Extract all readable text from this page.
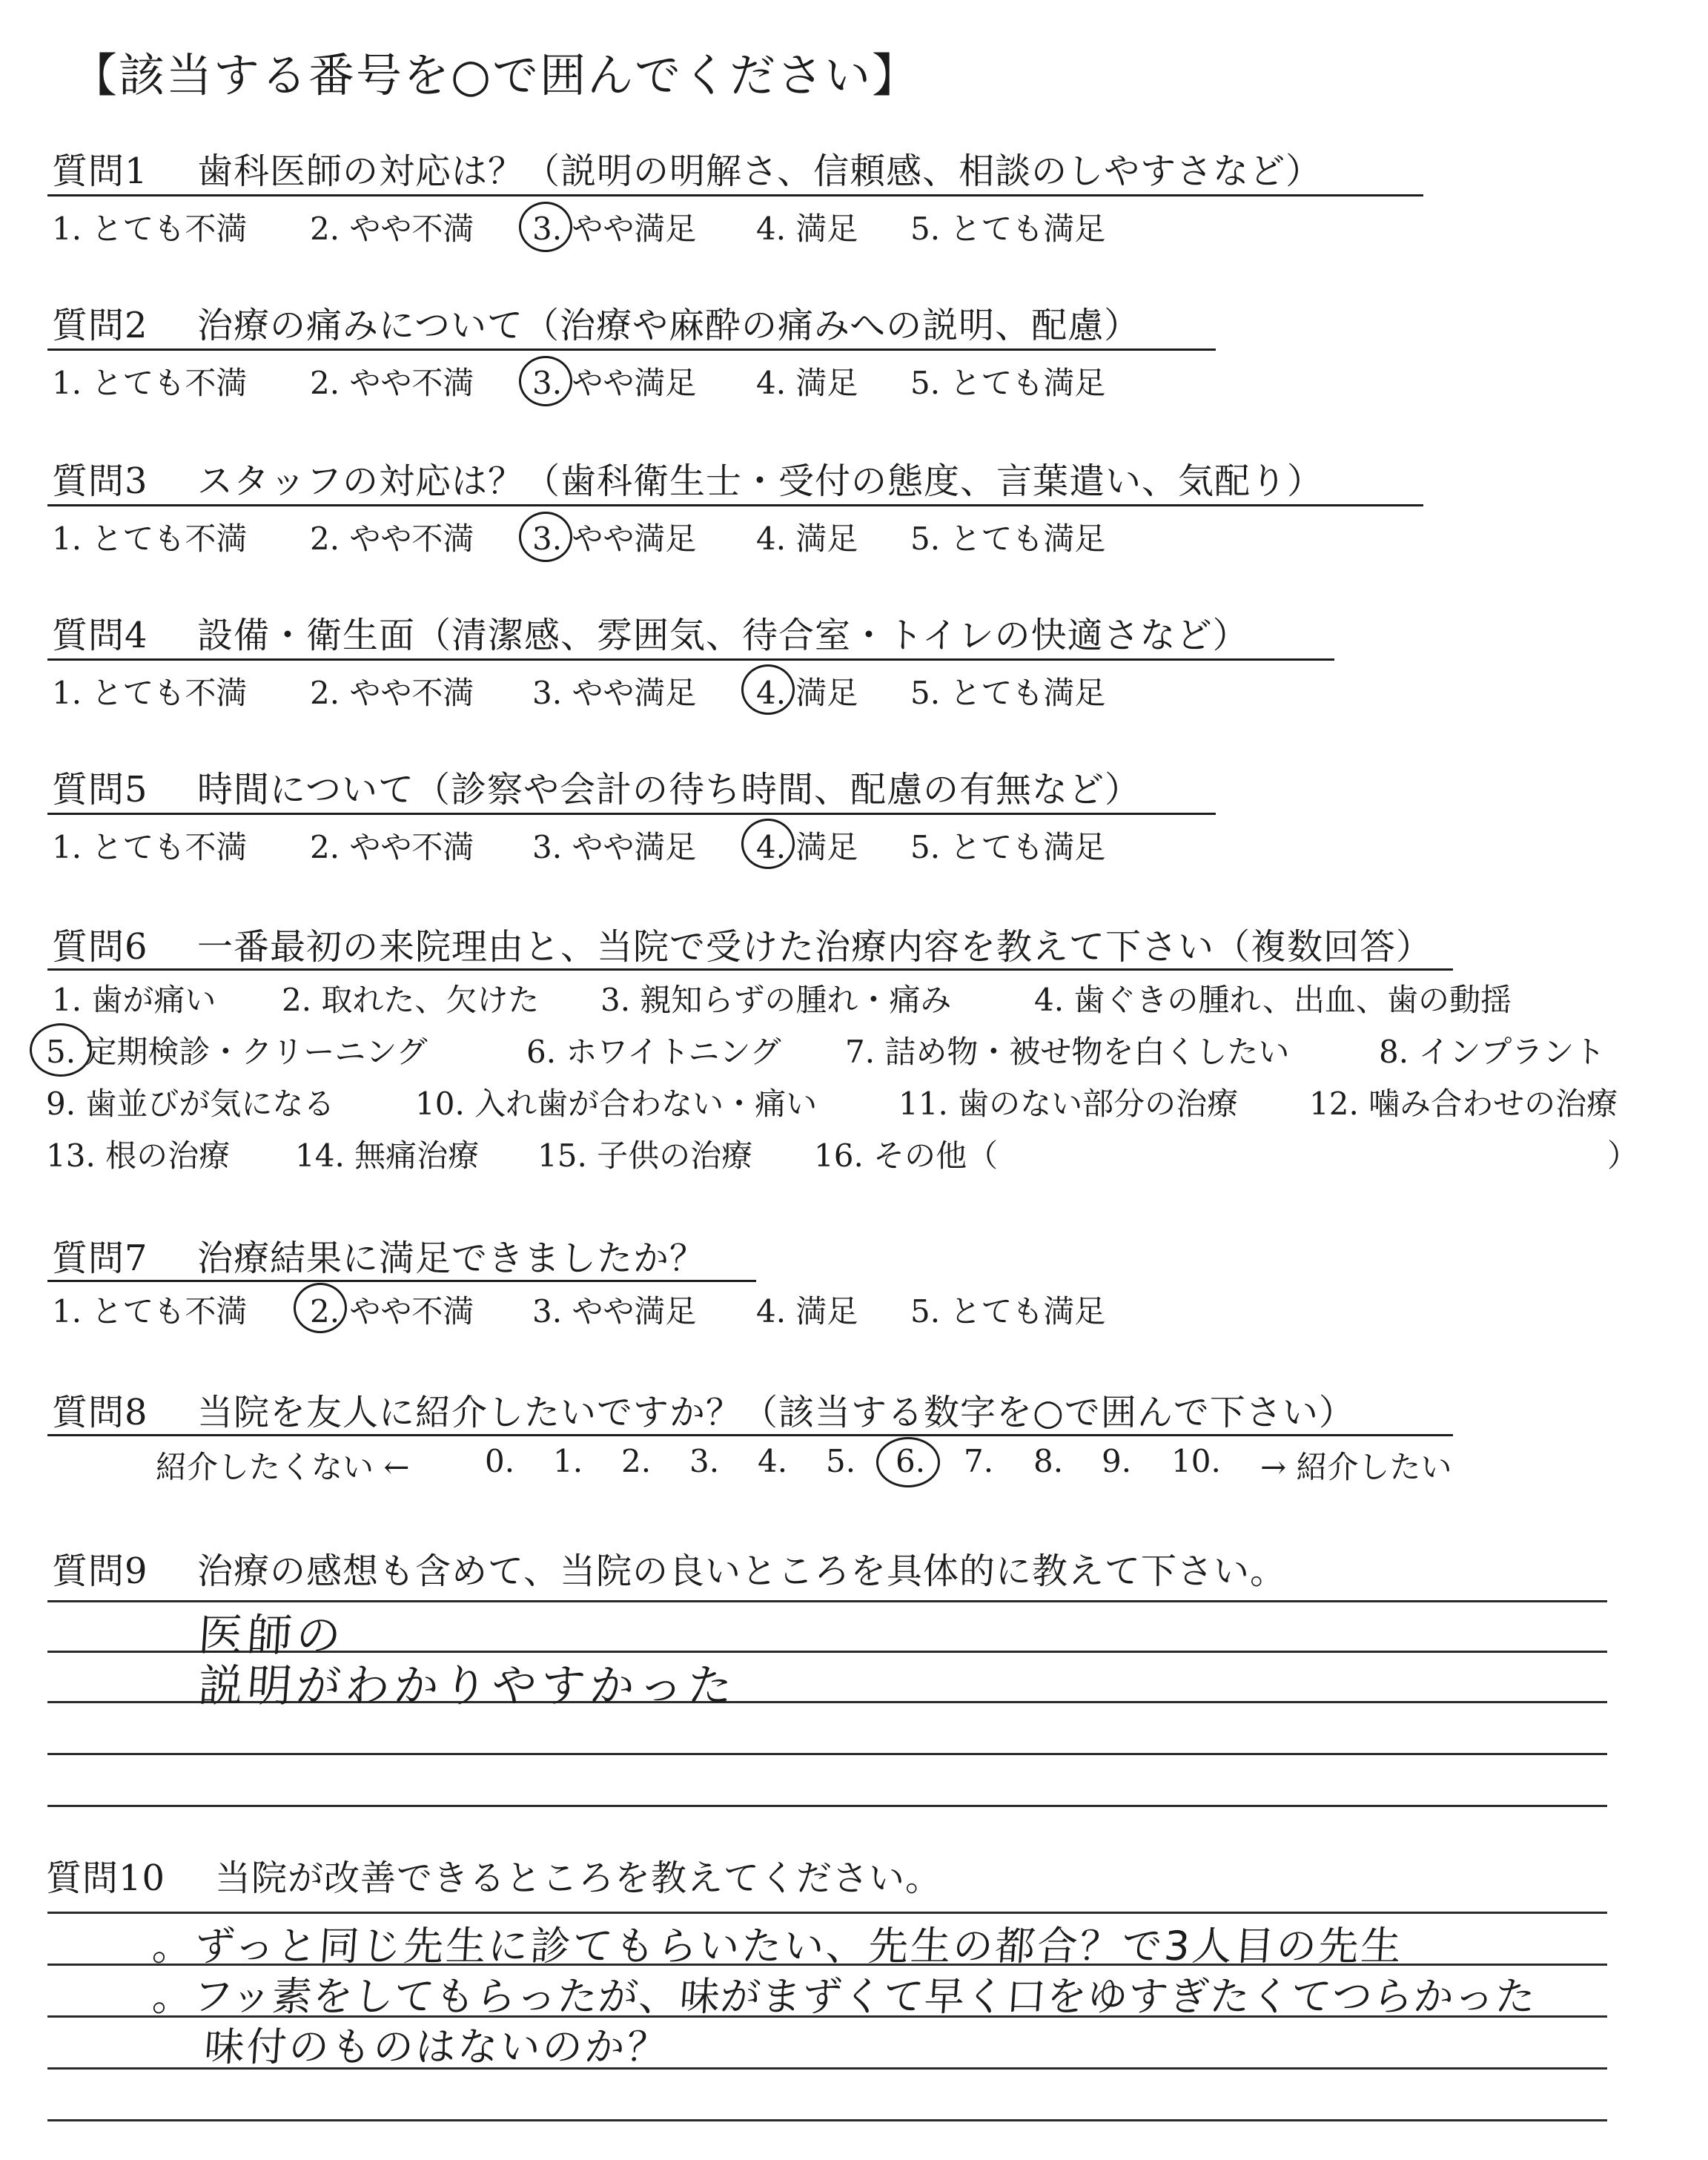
【該当する番号を○で囲んでください】
質問1 歯科医師の対応は？（説明の明解さ、信頼感、相談のしやすさなど）
1. とても不満 2. やや不満 3. やや満足 4. 満足 5. とても満足
質問2 治療の痛みについて（治療や麻酔の痛みへの説明、配慮）
1. とても不満 2. やや不満 3. やや満足 4. 満足 5. とても満足
質問3 スタッフの対応は？（歯科衛生士・受付の態度、言葉遣い、気配り）
1. とても不満 2. やや不満 3. やや満足 4. 満足 5. とても満足
質問4 設備・衛生面（清潔感、雰囲気、待合室・トイレの快適さなど）
1. とても不満 2. やや不満 3. やや満足 4. 満足 5. とても満足
質問5 時間について（診察や会計の待ち時間、配慮の有無など）
1. とても不満 2. やや不満 3. やや満足 4. 満足 5. とても満足
質問6 一番最初の来院理由と、当院で受けた治療内容を教えて下さい（複数回答）
1. 歯が痛い 2. 取れた、欠けた 3. 親知らずの腫れ・痛み	4. 歯ぐきの腫れ、出血、歯の動揺
5. 定期検診・クリーニング	6. ホワイトニング 7. 詰め物・被せ物を白くしたい	8. インプラント
9. 歯並びが気になる	10. 入れ歯が合わない・痛い	11. 歯のない部分の治療 12. 噛み合わせの治療
13. 根の治療 14. 無痛治療 15. 子供の治療 16. その他（	）
質問7 治療結果に満足できましたか？
1. とても不満 2. やや不満 3. やや満足 4. 満足 5. とても満足
質問8 当院を友人に紹介したいですか？（該当する数字を○で囲んで下さい）
紹介したくない ← 0. 1. 2. 3. 4. 5. 6. 7. 8. 9. 10. → 紹介したい
質問9 治療の感想も含めて、当院の良いところを具体的に教えて下さい。
医師の
説明がわかりやすかった
質問10 当院が改善できるところを教えてください。
。ずっと同じ先生に診てもらいたい、先生の都合？で3人目の先生
。フッ素をしてもらったが、味がまずくて早く口をゆすぎたくてつらかった
味付のものはないのか？
